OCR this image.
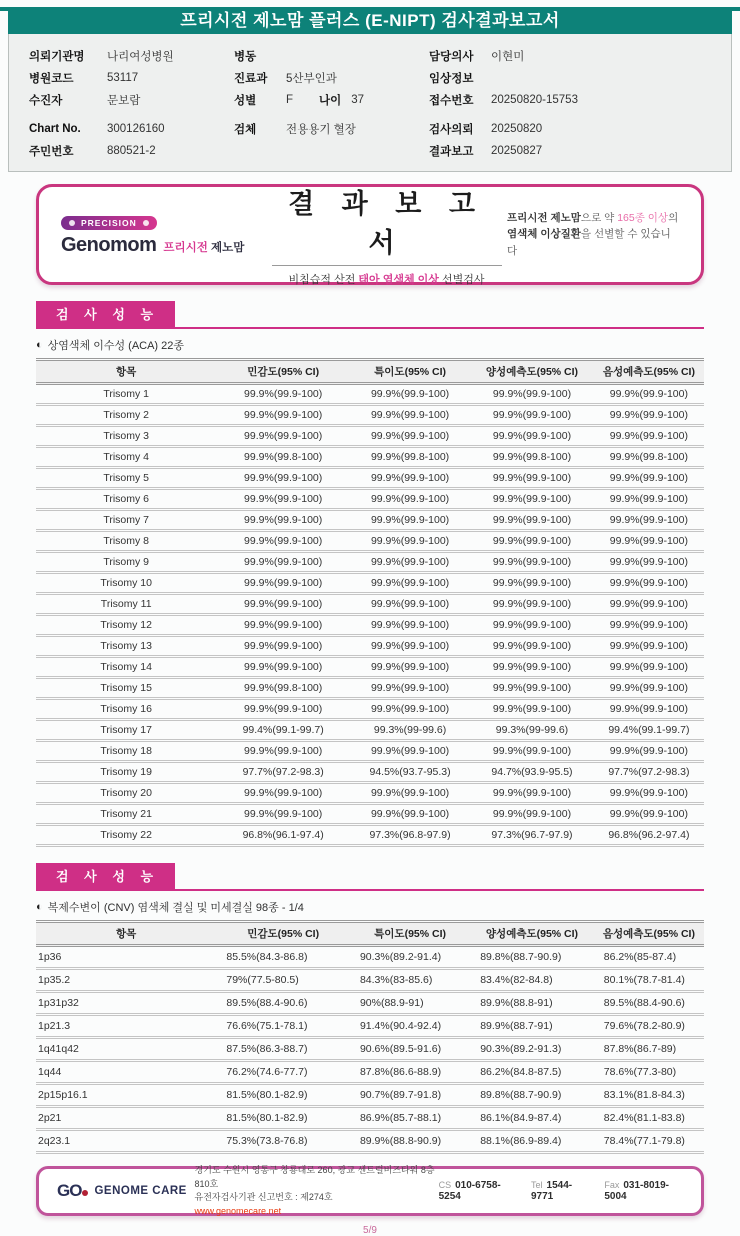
프리시전 제노맘 플러스 (E-NIPT) 검사결과보고서
의뢰기관명	나리여성병원
병원코드	53117
수진자	문보람
Chart No.	300126160
주민번호	880521-2
병동
진료과	5산부인과
성별	F 나이 37
검체	전용용기 혈장
담당의사	이현미
임상정보
접수번호	20250820-15753
검사의뢰	20250820
결과보고	20250827
PRECISION
Genomom 프리시전 제노맘
결 과 보 고 서
비침습적 산전 태아 염색체 이상 선별검사
프리시전 제노맘으로 약 165종 이상의
염색체 이상질환을 선별할 수 있습니다
검 사 성 능
◐ 상염색체 이수성 (ACA) 22종
항목	민감도(95% CI)	특이도(95% CI)	양성예측도(95% CI)	음성예측도(95% CI)
Trisomy 1	99.9%(99.9-100)	99.9%(99.9-100)	99.9%(99.9-100)	99.9%(99.9-100)
Trisomy 2	99.9%(99.9-100)	99.9%(99.9-100)	99.9%(99.9-100)	99.9%(99.9-100)
Trisomy 3	99.9%(99.9-100)	99.9%(99.9-100)	99.9%(99.9-100)	99.9%(99.9-100)
Trisomy 4	99.9%(99.8-100)	99.9%(99.8-100)	99.9%(99.8-100)	99.9%(99.8-100)
Trisomy 5	99.9%(99.9-100)	99.9%(99.9-100)	99.9%(99.9-100)	99.9%(99.9-100)
Trisomy 6	99.9%(99.9-100)	99.9%(99.9-100)	99.9%(99.9-100)	99.9%(99.9-100)
Trisomy 7	99.9%(99.9-100)	99.9%(99.9-100)	99.9%(99.9-100)	99.9%(99.9-100)
Trisomy 8	99.9%(99.9-100)	99.9%(99.9-100)	99.9%(99.9-100)	99.9%(99.9-100)
Trisomy 9	99.9%(99.9-100)	99.9%(99.9-100)	99.9%(99.9-100)	99.9%(99.9-100)
Trisomy 10	99.9%(99.9-100)	99.9%(99.9-100)	99.9%(99.9-100)	99.9%(99.9-100)
Trisomy 11	99.9%(99.9-100)	99.9%(99.9-100)	99.9%(99.9-100)	99.9%(99.9-100)
Trisomy 12	99.9%(99.9-100)	99.9%(99.9-100)	99.9%(99.9-100)	99.9%(99.9-100)
Trisomy 13	99.9%(99.9-100)	99.9%(99.9-100)	99.9%(99.9-100)	99.9%(99.9-100)
Trisomy 14	99.9%(99.9-100)	99.9%(99.9-100)	99.9%(99.9-100)	99.9%(99.9-100)
Trisomy 15	99.9%(99.8-100)	99.9%(99.9-100)	99.9%(99.9-100)	99.9%(99.9-100)
Trisomy 16	99.9%(99.9-100)	99.9%(99.9-100)	99.9%(99.9-100)	99.9%(99.9-100)
Trisomy 17	99.4%(99.1-99.7)	99.3%(99-99.6)	99.3%(99-99.6)	99.4%(99.1-99.7)
Trisomy 18	99.9%(99.9-100)	99.9%(99.9-100)	99.9%(99.9-100)	99.9%(99.9-100)
Trisomy 19	97.7%(97.2-98.3)	94.5%(93.7-95.3)	94.7%(93.9-95.5)	97.7%(97.2-98.3)
Trisomy 20	99.9%(99.9-100)	99.9%(99.9-100)	99.9%(99.9-100)	99.9%(99.9-100)
Trisomy 21	99.9%(99.9-100)	99.9%(99.9-100)	99.9%(99.9-100)	99.9%(99.9-100)
Trisomy 22	96.8%(96.1-97.4)	97.3%(96.8-97.9)	97.3%(96.7-97.9)	96.8%(96.2-97.4)
검 사 성 능
◐ 복제수변이 (CNV) 염색체 결실 및 미세결실 98종 - 1/4
항목	민감도(95% CI)	특이도(95% CI)	양성예측도(95% CI)	음성예측도(95% CI)
1p36	85.5%(84.3-86.8)	90.3%(89.2-91.4)	89.8%(88.7-90.9)	86.2%(85-87.4)
1p35.2	79%(77.5-80.5)	84.3%(83-85.6)	83.4%(82-84.8)	80.1%(78.7-81.4)
1p31p32	89.5%(88.4-90.6)	90%(88.9-91)	89.9%(88.8-91)	89.5%(88.4-90.6)
1p21.3	76.6%(75.1-78.1)	91.4%(90.4-92.4)	89.9%(88.7-91)	79.6%(78.2-80.9)
1q41q42	87.5%(86.3-88.7)	90.6%(89.5-91.6)	90.3%(89.2-91.3)	87.8%(86.7-89)
1q44	76.2%(74.6-77.7)	87.8%(86.6-88.9)	86.2%(84.8-87.5)	78.6%(77.3-80)
2p15p16.1	81.5%(80.1-82.9)	90.7%(89.7-91.8)	89.8%(88.7-90.9)	83.1%(81.8-84.3)
2p21	81.5%(80.1-82.9)	86.9%(85.7-88.1)	86.1%(84.9-87.4)	82.4%(81.1-83.8)
2q23.1	75.3%(73.8-76.8)	89.9%(88.8-90.9)	88.1%(86.9-89.4)	78.4%(77.1-79.8)
GO	GENOME CARE
경기도 수원시 영통구 창룡대로 260, 광교 센트럴비즈타워 8층 810호
유전자검사기관 신고번호 : 제274호
www.genomecare.net
CS 010-6758-5254
Tel 1544-9771
Fax 031-8019-5004
5/9
